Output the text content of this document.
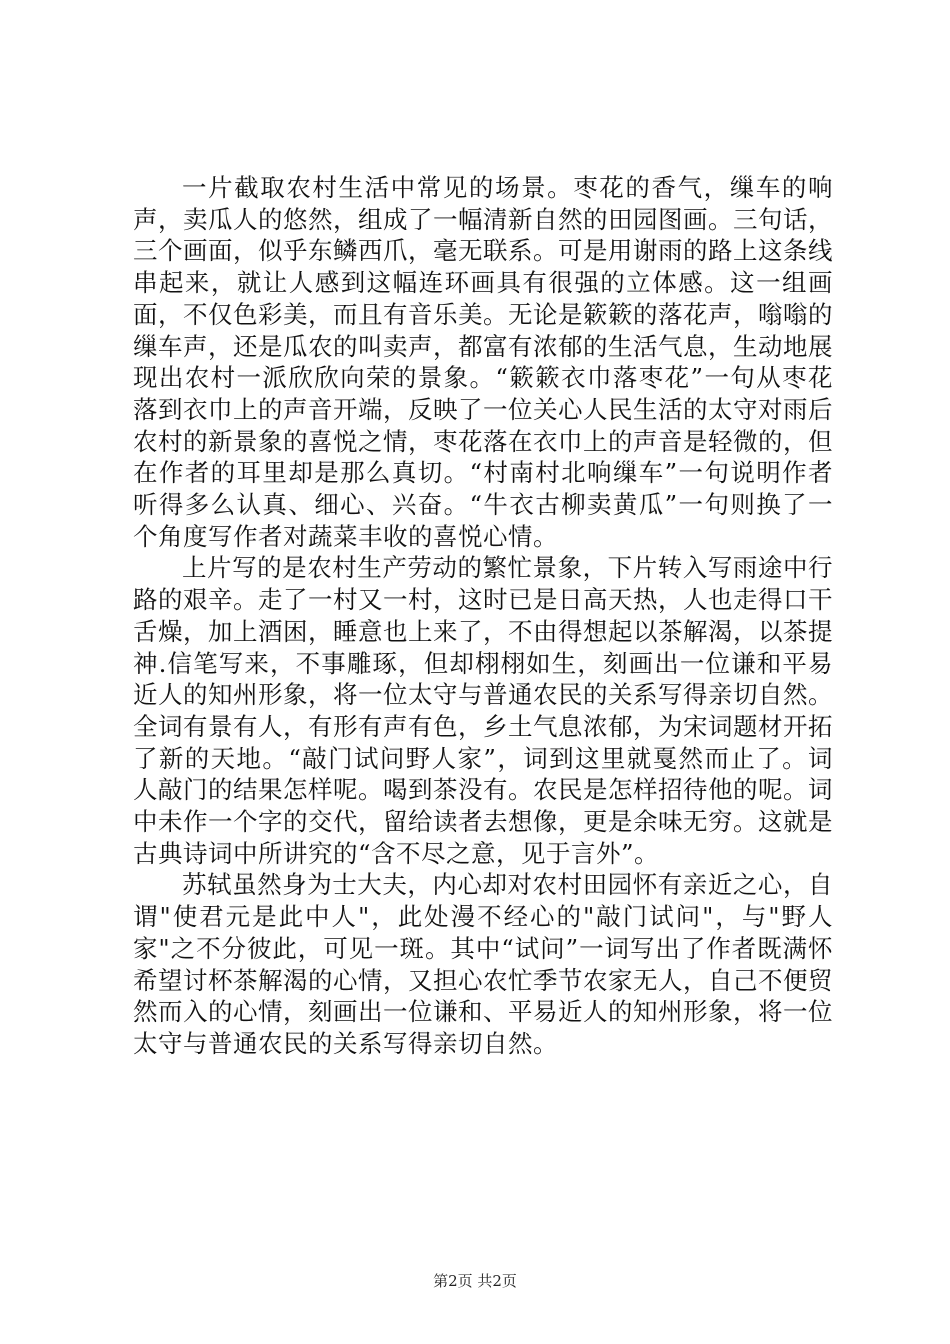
一片截取农村生活中常见的场景。枣花的香气，缫车的响声，卖瓜人的悠然，组成了一幅清新自然的田园图画。三句话，三个画面，似乎东鳞西爪，毫无联系。可是用谢雨的路上这条线串起来，就让人感到这幅连环画具有很强的立体感。这一组画面，不仅色彩美，而且有音乐美。无论是簌簌的落花声，嗡嗡的缫车声，还是瓜农的叫卖声，都富有浓郁的生活气息，生动地展现出农村一派欣欣向荣的景象。“簌簌衣巾落枣花”一句从枣花落到衣巾上的声音开端，反映了一位关心人民生活的太守对雨后农村的新景象的喜悦之情，枣花落在衣巾上的声音是轻微的，但在作者的耳里却是那么真切。“村南村北响缫车”一句说明作者听得多么认真、细心、兴奋。“牛衣古柳卖黄瓜”一句则换了一个角度写作者对蔬菜丰收的喜悦心情。

上片写的是农村生产劳动的繁忙景象，下片转入写雨途中行路的艰辛。走了一村又一村，这时已是日高天热，人也走得口干舌燥，加上酒困，睡意也上来了，不由得想起以茶解渴，以茶提神.信笔写来，不事雕琢，但却栩栩如生，刻画出一位谦和平易近人的知州形象，将一位太守与普通农民的关系写得亲切自然。全词有景有人，有形有声有色，乡土气息浓郁，为宋词题材开拓了新的天地。“敲门试问野人家”，词到这里就戛然而止了。词人敲门的结果怎样呢。喝到茶没有。农民是怎样招待他的呢。词中未作一个字的交代，留给读者去想像，更是余味无穷。这就是古典诗词中所讲究的“含不尽之意，见于言外”。

苏轼虽然身为士大夫，内心却对农村田园怀有亲近之心，自谓"使君元是此中人"，此处漫不经心的"敲门试问"，与"野人家"之不分彼此，可见一斑。其中“试问”一词写出了作者既满怀希望讨杯茶解渴的心情，又担心农忙季节农家无人，自己不便贸然而入的心情，刻画出一位谦和、平易近人的知州形象，将一位太守与普通农民的关系写得亲切自然。

第2页 共2页
